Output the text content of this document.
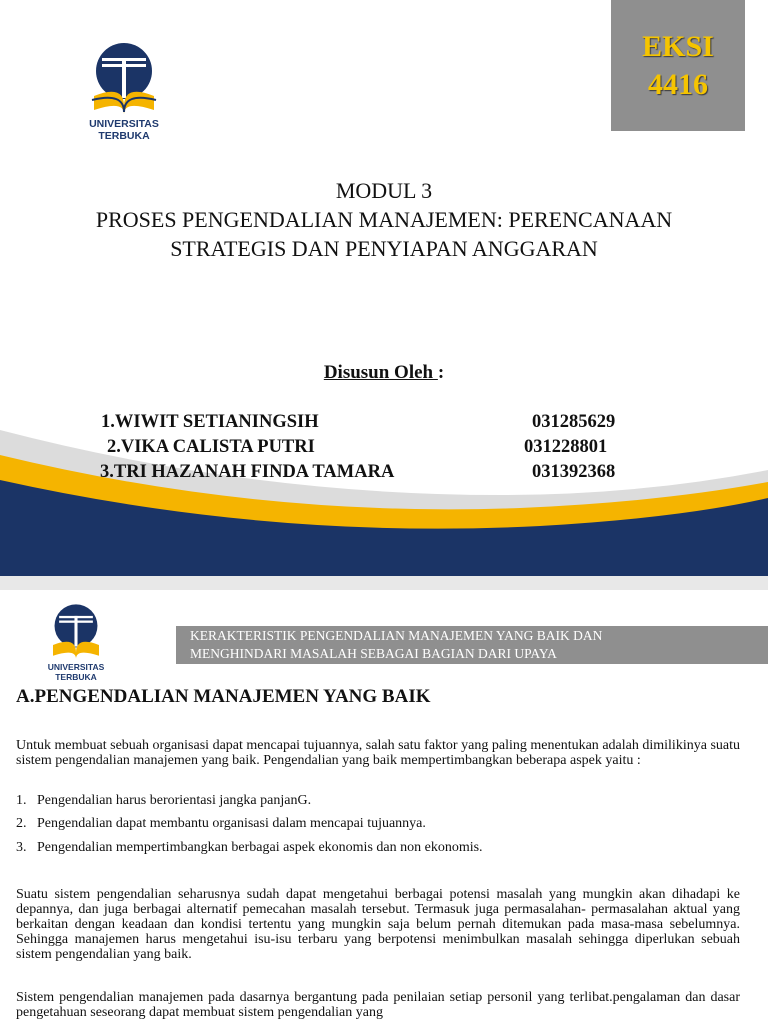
UNIVERSITAS TERBUKA
EKSI
4416
MODUL 3
PROSES PENGENDALIAN MANAJEMEN: PERENCANAAN
STRATEGIS DAN PENYIAPAN ANGGARAN
Disusun Oleh :
1.WIWIT SETIANINGSIH	031285629
2.VIKA CALISTA PUTRI	031228801
3.TRI HAZANAH FINDA TAMARA	031392368
UNIVERSITAS TERBUKA
KERAKTERISTIK PENGENDALIAN MANAJEMEN YANG BAIK DAN
MENGHINDARI MASALAH SEBAGAI BAGIAN DARI UPAYA
A.PENGENDALIAN MANAJEMEN YANG BAIK
Untuk membuat sebuah organisasi dapat mencapai tujuannya, salah satu faktor yang paling menentukan adalah dimilikinya suatu sistem pengendalian manajemen yang baik. Pengendalian yang baik mempertimbangkan beberapa aspek yaitu :
1. Pengendalian harus berorientasi jangka panjanG.
2. Pengendalian dapat membantu organisasi dalam mencapai tujuannya.
3. Pengendalian mempertimbangkan berbagai aspek ekonomis dan non ekonomis.
Suatu sistem pengendalian seharusnya sudah dapat mengetahui berbagai potensi masalah yang mungkin akan dihadapi ke depannya, dan juga berbagai alternatif pemecahan masalah tersebut. Termasuk juga permasalahan- permasalahan aktual yang berkaitan dengan keadaan dan kondisi tertentu yang mungkin saja belum pernah ditemukan pada masa-masa sebelumnya. Sehingga manajemen harus mengetahui isu-isu terbaru yang berpotensi menimbulkan masalah sehingga diperlukan sebuah sistem pengendalian yang baik.
Sistem pengendalian manajemen pada dasarnya bergantung pada penilaian setiap personil yang terlibat.pengalaman dan dasar pengetahuan seseorang dapat membuat sistem pengendalian yang
